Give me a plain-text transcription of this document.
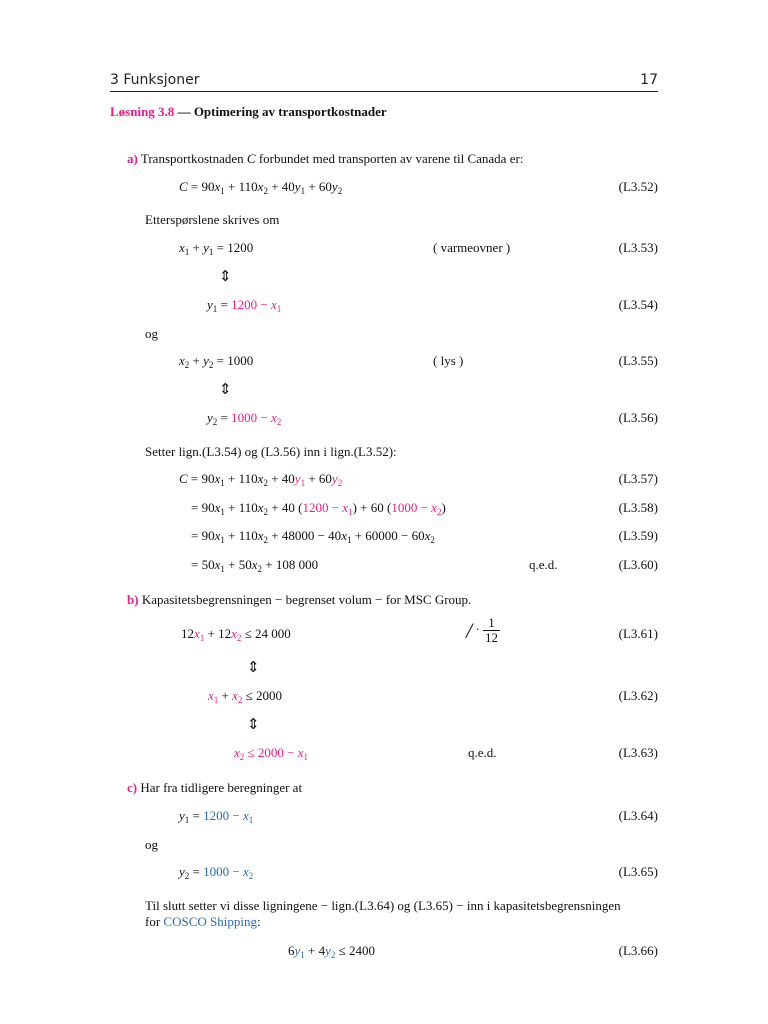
3 Funksjoner	17
Løsning 3.8 — Optimering av transportkostnader
a) Transportkostnaden C forbundet med transporten av varene til Canada er:
$C = 90x_1 + 110x_2 + 40y_1 + 60y_2$	(L3.52)
Etterspørslene skrives om
$x_1 + y_1 = 1200$	( varmeovner )	(L3.53)
⇕
$y_1 = 1200 - x_1$	(L3.54)
og
$x_2 + y_2 = 1000$	( lys )	(L3.55)
⇕
$y_2 = 1000 - x_2$	(L3.56)
Setter lign.(L3.54) og (L3.56) inn i lign.(L3.52):
$C = 90x_1 + 110x_2 + 40y_1 + 60y_2$	(L3.57)
= $90x_1 + 110x_2 + 40$ $(1200 - x_1) + 60$ $(1000 - x_2)$	(L3.58)
= $90x_1 + 110x_2 + 48000 - 40x_1 + 60000 - 60x_2$	(L3.59)
= $50x_1 + 50x_2 + 108$ 000	q.e.d.	(L3.60)
b) Kapasitetsbegrensningen − begrenset volum − for MSC Group.
$12x_1 + 12x_2 \le 24$ 000	/ · $\frac{1}{12}$	(L3.61)
⇕
$x_1 + x_2 \le 2000$	(L3.62)
⇕
$x_2 \le 2000 - x_1$	q.e.d.	(L3.63)
c) Har fra tidligere beregninger at
$y_1 = 1200 - x_1$	(L3.64)
og
$y_2 = 1000 - x_2$	(L3.65)
Til slutt setter vi disse ligningene − lign.(L3.64) og (L3.65) − inn i kapasitetsbegrensningen
for COSCO Shipping:
$6y_1 + 4y_2 \le 2400$	(L3.66)
